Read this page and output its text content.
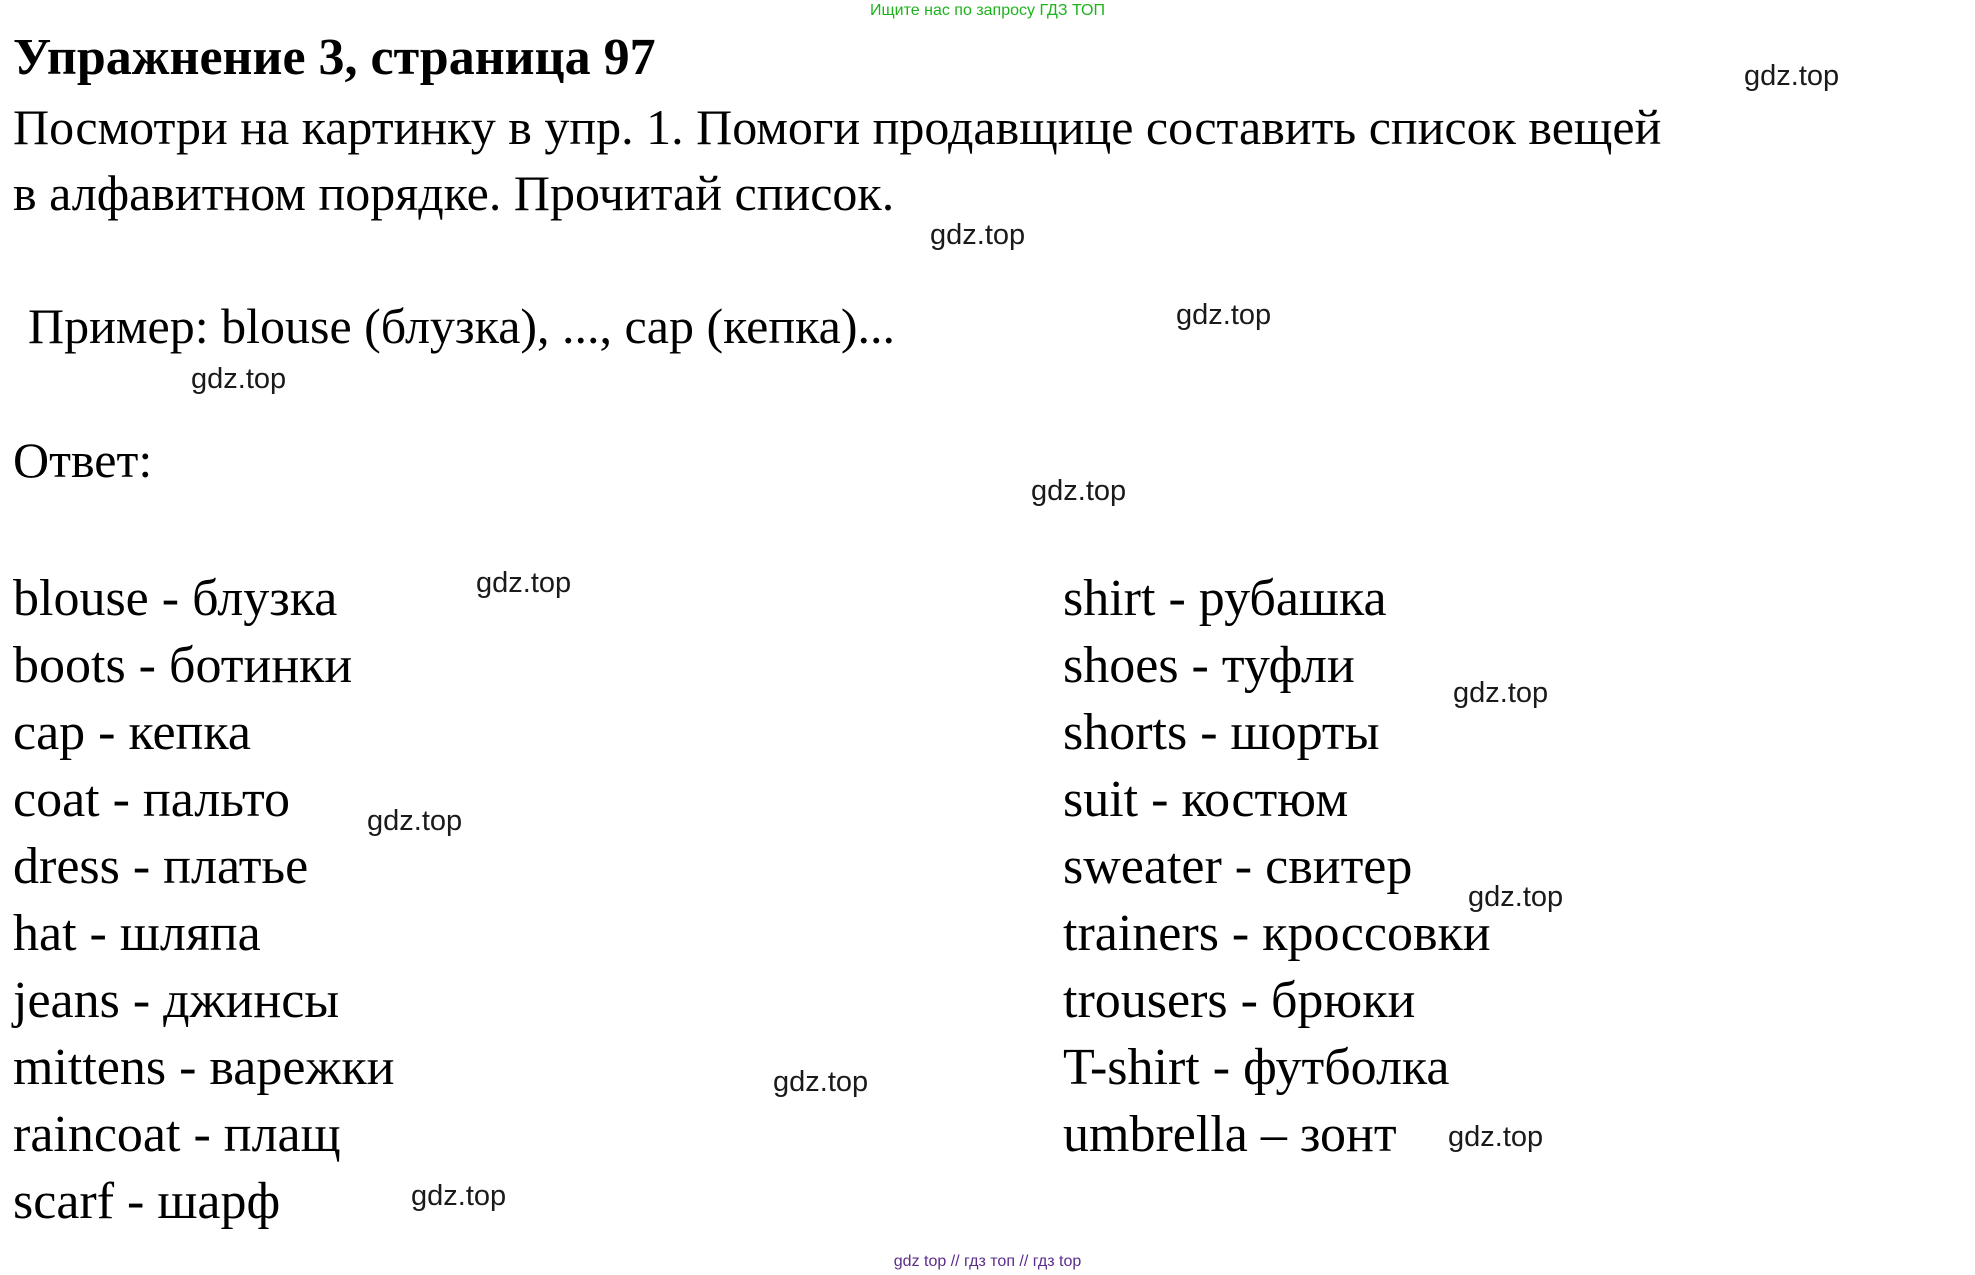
Ищите нас по запросу ГДЗ ТОП
Упражнение 3, страница 97
Посмотри на картинку в упр. 1. Помоги продавщице составить список вещей
в алфавитном порядке. Прочитай список.
Пример: blouse (блузка), ..., cap (кепка)...
Ответ:
blouse - блузка
boots - ботинки
cap - кепка
coat - пальто
dress - платье
hat - шляпа
jeans - джинсы
mittens - варежки
raincoat - плащ
scarf - шарф
shirt - рубашка
shoes - туфли
shorts - шорты
suit - костюм
sweater - свитер
trainers - кроссовки
trousers - брюки
T-shirt - футболка
umbrella – зонт
gdz.top
gdz.top
gdz.top
gdz.top
gdz.top
gdz.top
gdz.top
gdz.top
gdz.top
gdz.top
gdz.top
gdz.top
gdz top // гдз топ // гдз top
